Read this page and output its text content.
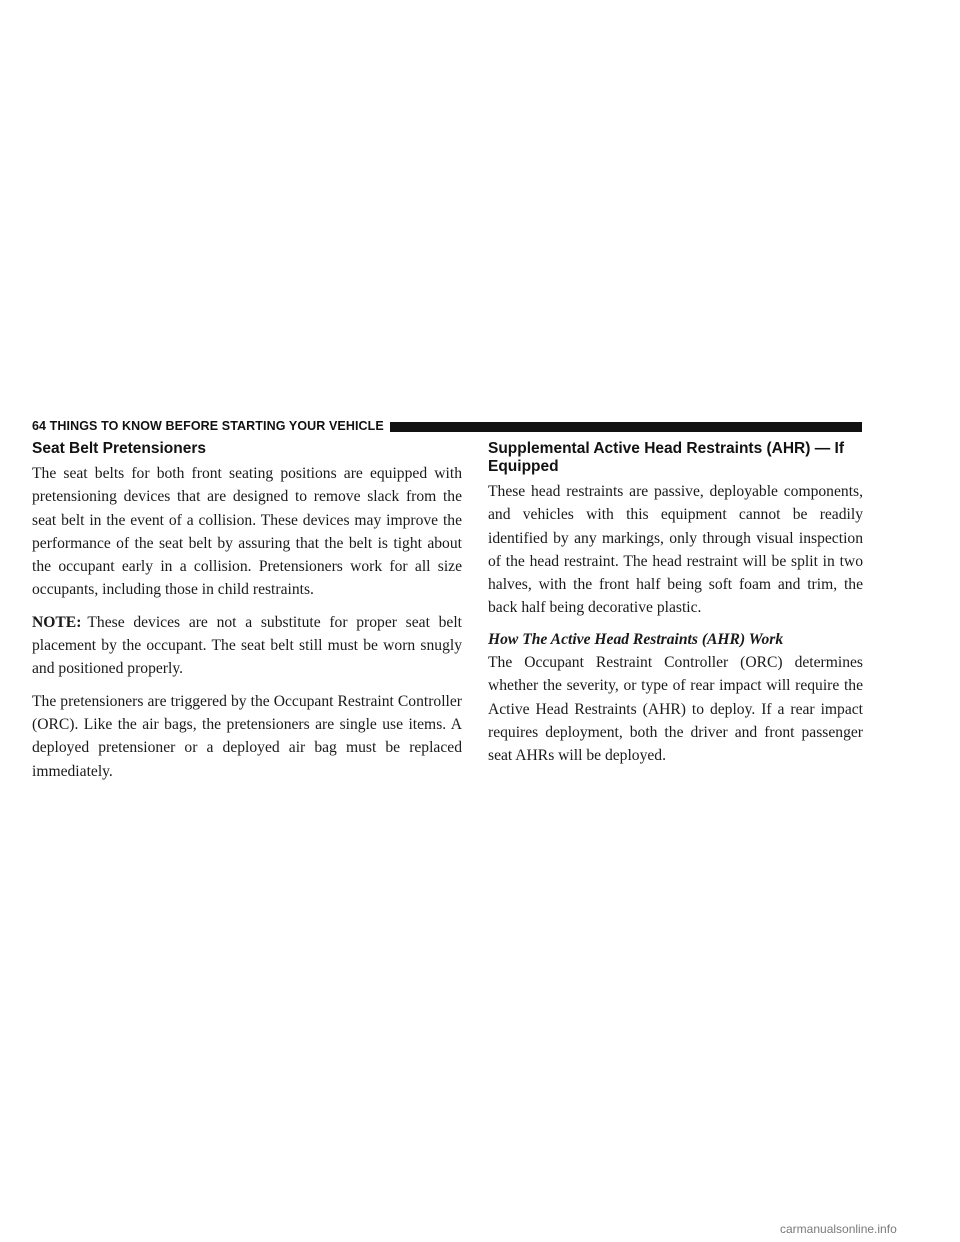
64 THINGS TO KNOW BEFORE STARTING YOUR VEHICLE
Seat Belt Pretensioners

The seat belts for both front seating positions are equipped with pretensioning devices that are designed to remove slack from the seat belt in the event of a collision. These devices may improve the performance of the seat belt by assuring that the belt is tight about the occupant early in a collision. Pretensioners work for all size occupants, including those in child restraints.

NOTE: These devices are not a substitute for proper seat belt placement by the occupant. The seat belt still must be worn snugly and positioned properly.

The pretensioners are triggered by the Occupant Restraint Controller (ORC). Like the air bags, the pretensioners are single use items. A deployed pretensioner or a deployed air bag must be replaced immediately.

Supplemental Active Head Restraints (AHR) — If Equipped

These head restraints are passive, deployable components, and vehicles with this equipment cannot be readily identified by any markings, only through visual inspection of the head restraint. The head restraint will be split in two halves, with the front half being soft foam and trim, the back half being decorative plastic.

How The Active Head Restraints (AHR) Work

The Occupant Restraint Controller (ORC) determines whether the severity, or type of rear impact will require the Active Head Restraints (AHR) to deploy. If a rear impact requires deployment, both the driver and front passenger seat AHRs will be deployed.

carmanualsonline.info
